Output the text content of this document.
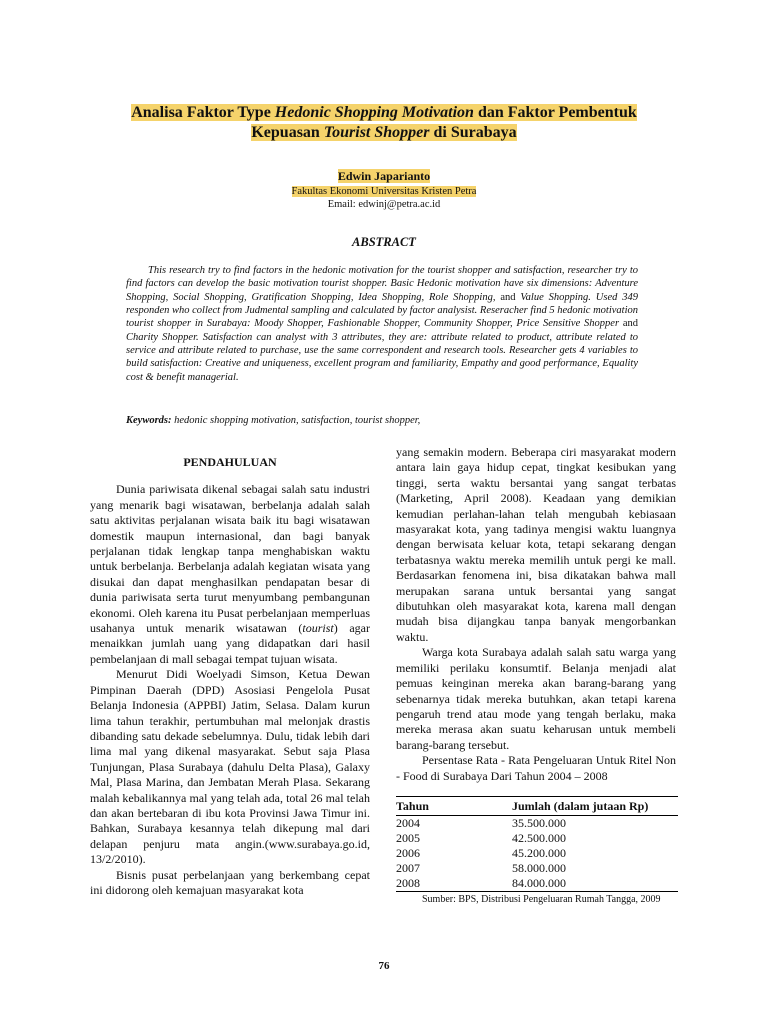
Analisa Faktor Type Hedonic Shopping Motivation dan Faktor Pembentuk
Kepuasan Tourist Shopper di Surabaya
Edwin Japarianto
Fakultas Ekonomi Universitas Kristen Petra
Email: edwinj@petra.ac.id
ABSTRACT

This research try to find factors in the hedonic motivation for the tourist shopper and satisfaction, researcher try to find factors can develop the basic motivation tourist shopper. Basic Hedonic motivation have six dimensions: Adventure Shopping, Social Shopping, Gratification Shopping, Idea Shopping, Role Shopping, and Value Shopping. Used 349 responden who collect from Judmental sampling and calculated by factor analysist. Reseracher find 5 hedonic motivation tourist shopper in Surabaya: Moody Shopper, Fashionable Shopper, Community Shopper, Price Sensitive Shopper and Charity Shopper. Satisfaction can analyst with 3 attributes, they are: attribute related to product, attribute related to service and attribute related to purchase, use the same correspondent and research tools. Researcher gets 4 variables to build satisfaction: Creative and uniqueness, excellent program and familiarity, Empathy and good performance, Equality cost & benefit managerial.

Keywords: hedonic shopping motivation, satisfaction, tourist shopper,
PENDAHULUAN

Dunia pariwisata dikenal sebagai salah satu industri yang menarik bagi wisatawan, berbelanja adalah salah satu aktivitas perjalanan wisata baik itu bagi wisatawan domestik maupun internasional, dan bagi banyak perjalanan tidak lengkap tanpa menghabiskan waktu untuk berbelanja. Berbelanja adalah kegiatan wisata yang disukai dan dapat menghasilkan pendapatan besar di dunia pariwisata serta turut menyumbang pembangunan ekonomi. Oleh karena itu Pusat perbelanjaan memperluas usahanya untuk menarik wisatawan (tourist) agar menaikkan jumlah uang yang didapatkan dari hasil pembelanjaan di mall sebagai tempat tujuan wisata.

Menurut Didi Woelyadi Simson, Ketua Dewan Pimpinan Daerah (DPD) Asosiasi Pengelola Pusat Belanja Indonesia (APPBI) Jatim, Selasa. Dalam kurun lima tahun terakhir, pertumbuhan mal melonjak drastis dibanding satu dekade sebelumnya. Dulu, tidak lebih dari lima mal yang dikenal masyarakat. Sebut saja Plasa Tunjungan, Plasa Surabaya (dahulu Delta Plasa), Galaxy Mal, Plasa Marina, dan Jembatan Merah Plasa. Sekarang malah kebalikannya mal yang telah ada, total 26 mal telah dan akan bertebaran di ibu kota Provinsi Jawa Timur ini. Bahkan, Surabaya kesannya telah dikepung mal dari delapan penjuru mata angin.(www.surabaya.go.id, 13/2/2010).

Bisnis pusat perbelanjaan yang berkembang cepat ini didorong oleh kemajuan masyarakat kota

yang semakin modern. Beberapa ciri masyarakat modern antara lain gaya hidup cepat, tingkat kesibukan yang tinggi, serta waktu bersantai yang sangat terbatas (Marketing, April 2008). Keadaan yang demikian kemudian perlahan-lahan telah mengubah kebiasaan masyarakat kota, yang tadinya mengisi waktu luangnya dengan berwisata keluar kota, tetapi sekarang dengan terbatasnya waktu mereka memilih untuk pergi ke mall. Berdasarkan fenomena ini, bisa dikatakan bahwa mall merupakan sarana untuk bersantai yang sangat dibutuhkan oleh masyarakat kota, karena mall dengan mudah bisa dijangkau tanpa banyak mengorbankan waktu.

Warga kota Surabaya adalah salah satu warga yang memiliki perilaku konsumtif. Belanja menjadi alat pemuas keinginan mereka akan barang-barang yang sebenarnya tidak mereka butuhkan, akan tetapi karena pengaruh trend atau mode yang tengah berlaku, maka mereka merasa akan suatu keharusan untuk membeli barang-barang tersebut.

Persentase Rata - Rata Pengeluaran Untuk Ritel Non - Food di Surabaya Dari Tahun 2004 – 2008

Tahun	Jumlah (dalam jutaan Rp)
2004	35.500.000
2005	42.500.000
2006	45.200.000
2007	58.000.000
2008	84.000.000

Sumber: BPS, Distribusi Pengeluaran Rumah Tangga, 2009

76
